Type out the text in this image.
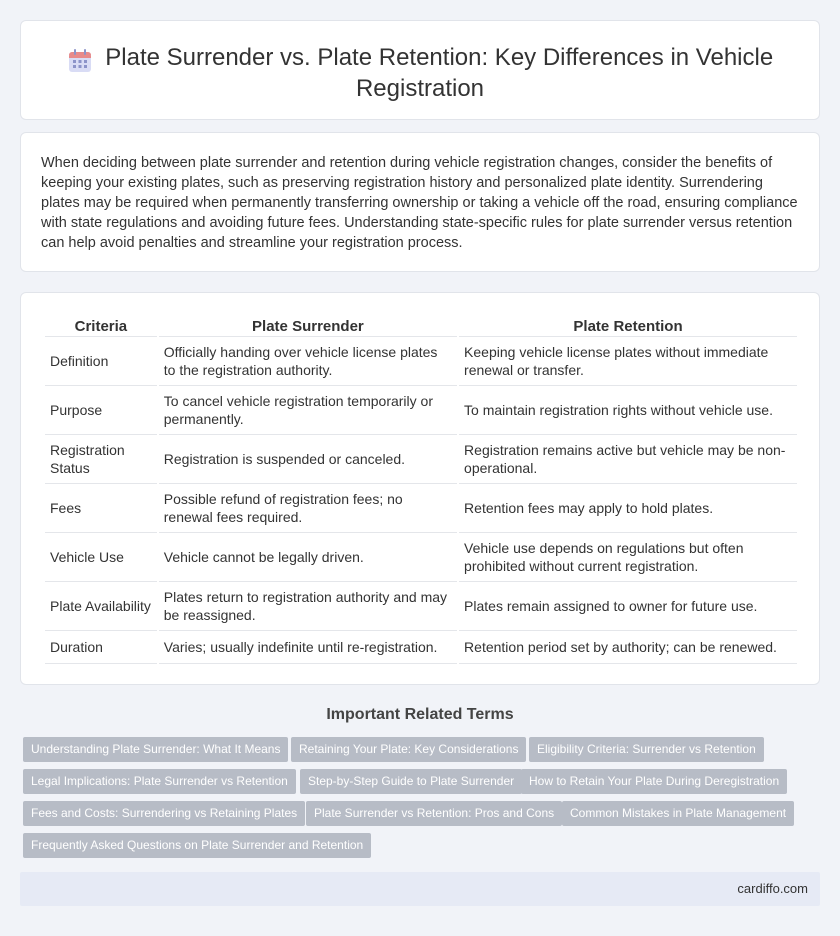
Plate Surrender vs. Plate Retention: Key Differences in Vehicle Registration

When deciding between plate surrender and retention during vehicle registration changes, consider the benefits of keeping your existing plates, such as preserving registration history and personalized plate identity. Surrendering plates may be required when permanently transferring ownership or taking a vehicle off the road, ensuring compliance with state regulations and avoiding future fees. Understanding state-specific rules for plate surrender versus retention can help avoid penalties and streamline your registration process.

Criteria	Plate Surrender	Plate Retention
Definition	Officially handing over vehicle license plates to the registration authority.	Keeping vehicle license plates without immediate renewal or transfer.
Purpose	To cancel vehicle registration temporarily or permanently.	To maintain registration rights without vehicle use.
Registration Status	Registration is suspended or canceled.	Registration remains active but vehicle may be non-operational.
Fees	Possible refund of registration fees; no renewal fees required.	Retention fees may apply to hold plates.
Vehicle Use	Vehicle cannot be legally driven.	Vehicle use depends on regulations but often prohibited without current registration.
Plate Availability	Plates return to registration authority and may be reassigned.	Plates remain assigned to owner for future use.
Duration	Varies; usually indefinite until re-registration.	Retention period set by authority; can be renewed.
Important Related Terms
Understanding Plate Surrender: What It Means	Retaining Your Plate: Key Considerations	Eligibility Criteria: Surrender vs Retention
Legal Implications: Plate Surrender vs Retention	Step-by-Step Guide to Plate Surrender	How to Retain Your Plate During Deregistration
Fees and Costs: Surrendering vs Retaining Plates	Plate Surrender vs Retention: Pros and Cons	Common Mistakes in Plate Management
Frequently Asked Questions on Plate Surrender and Retention
cardiffo.com
